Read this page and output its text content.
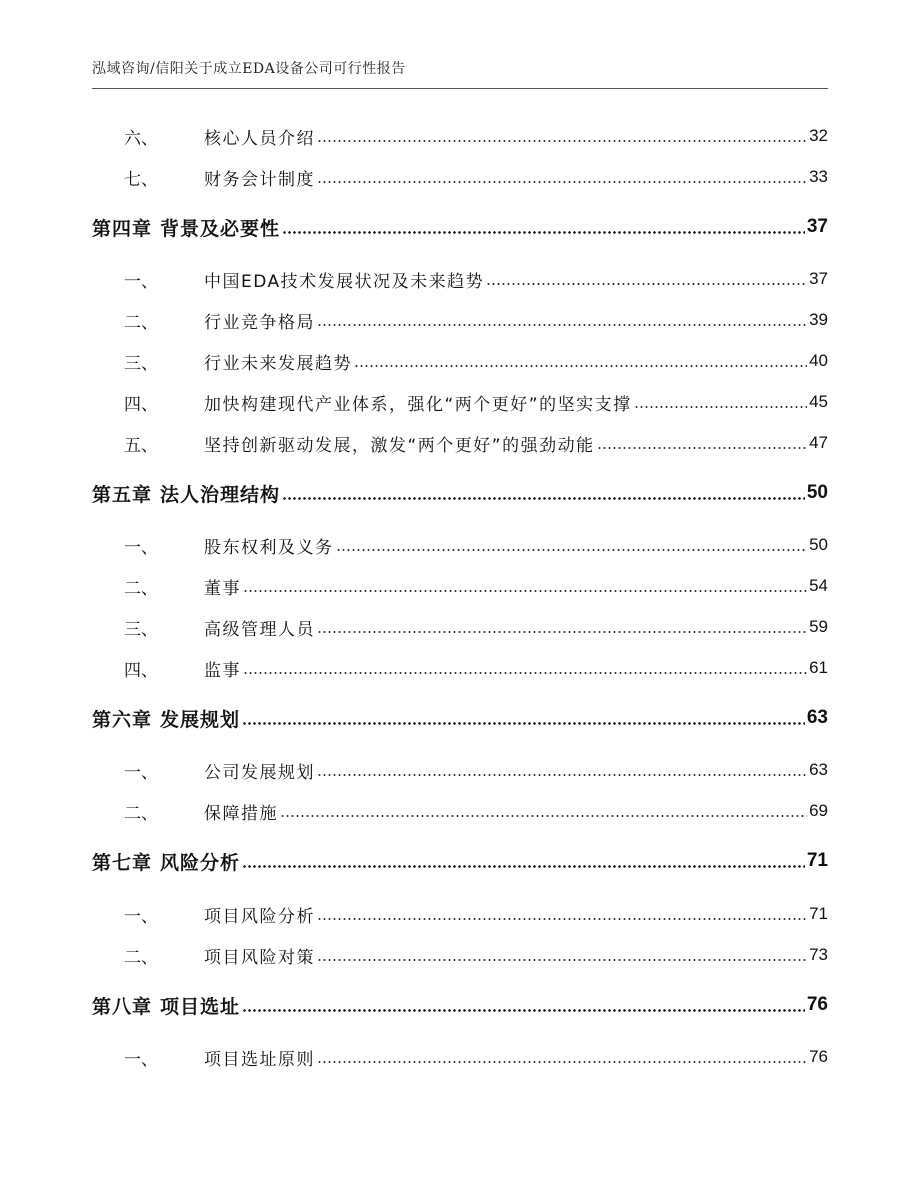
泓域咨询/信阳关于成立EDA设备公司可行性报告
六、	核心人员介绍	32
七、	财务会计制度	33
第四章 背景及必要性	37
一、	中国EDA技术发展状况及未来趋势	37
二、	行业竞争格局	39
三、	行业未来发展趋势	40
四、	加快构建现代产业体系，强化“两个更好”的坚实支撑	45
五、	坚持创新驱动发展，激发“两个更好”的强劲动能	47
第五章 法人治理结构	50
一、	股东权利及义务	50
二、	董事	54
三、	高级管理人员	59
四、	监事	61
第六章 发展规划	63
一、	公司发展规划	63
二、	保障措施	69
第七章 风险分析	71
一、	项目风险分析	71
二、	项目风险对策	73
第八章 项目选址	76
一、	项目选址原则	76
